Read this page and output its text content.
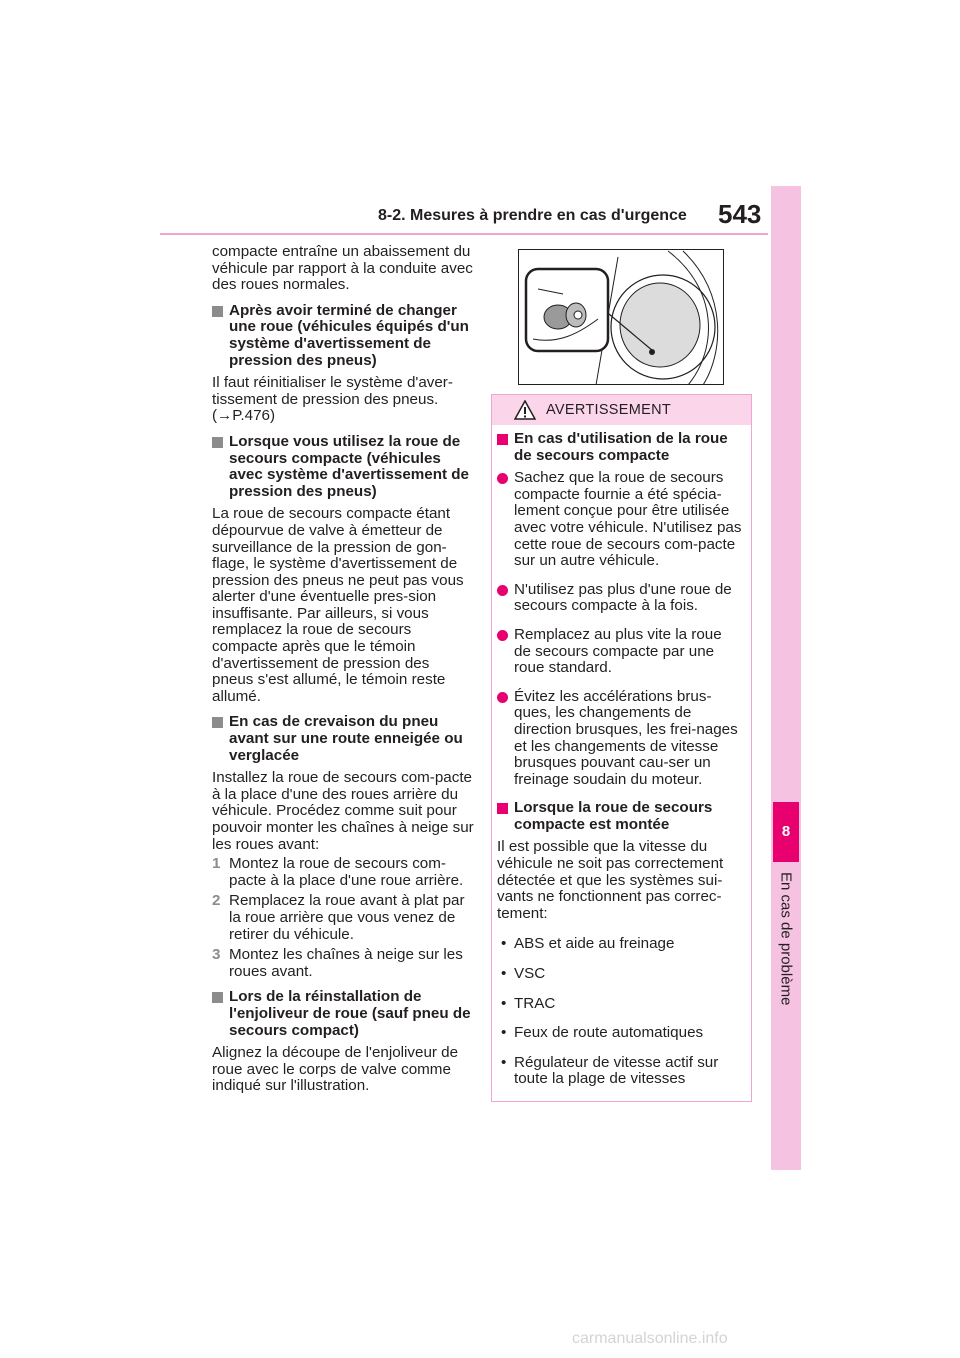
8-2. Mesures à prendre en cas d'urgence 543
8
En cas de problème

compacte entraîne un abaissement du véhicule par rapport à la conduite avec des roues normales.

Après avoir terminé de changer une roue (véhicules équipés d'un système d'avertissement de pression des pneus)

Il faut réinitialiser le système d'aver-tissement de pression des pneus.
(→P.476)

Lorsque vous utilisez la roue de secours compacte (véhicules avec système d'avertissement de pression des pneus)

La roue de secours compacte étant dépourvue de valve à émetteur de surveillance de la pression de gon-flage, le système d'avertissement de pression des pneus ne peut pas vous alerter d'une éventuelle pres-sion insuffisante. Par ailleurs, si vous remplacez la roue de secours compacte après que le témoin d'avertissement de pression des pneus s'est allumé, le témoin reste allumé.

En cas de crevaison du pneu avant sur une route enneigée ou verglacée

Installez la roue de secours com-pacte à la place d'une des roues arrière du véhicule. Procédez comme suit pour pouvoir monter les chaînes à neige sur les roues avant:

1 Montez la roue de secours com-pacte à la place d'une roue arrière.
2 Remplacez la roue avant à plat par la roue arrière que vous venez de retirer du véhicule.
3 Montez les chaînes à neige sur les roues avant.
Lors de la réinstallation de l'enjoliveur de roue (sauf pneu de secours compact)

Alignez la découpe de l'enjoliveur de roue avec le corps de valve comme indiqué sur l'illustration.

AVERTISSEMENT
En cas d'utilisation de la roue de secours compacte
Sachez que la roue de secours compacte fournie a été spécia-lement conçue pour être utilisée avec votre véhicule. N'utilisez pas cette roue de secours com-pacte sur un autre véhicule.
N'utilisez pas plus d'une roue de secours compacte à la fois.
Remplacez au plus vite la roue de secours compacte par une roue standard.
Évitez les accélérations brus-ques, les changements de direction brusques, les frei-nages et les changements de vitesse brusques pouvant cau-ser un freinage soudain du moteur.
Lorsque la roue de secours compacte est montée

Il est possible que la vitesse du véhicule ne soit pas correctement détectée et que les systèmes sui-vants ne fonctionnent pas correc-tement:

• ABS et aide au freinage
• VSC
• TRAC
• Feux de route automatiques
• Régulateur de vitesse actif sur toute la plage de vitesses
carmanualsonline.info
